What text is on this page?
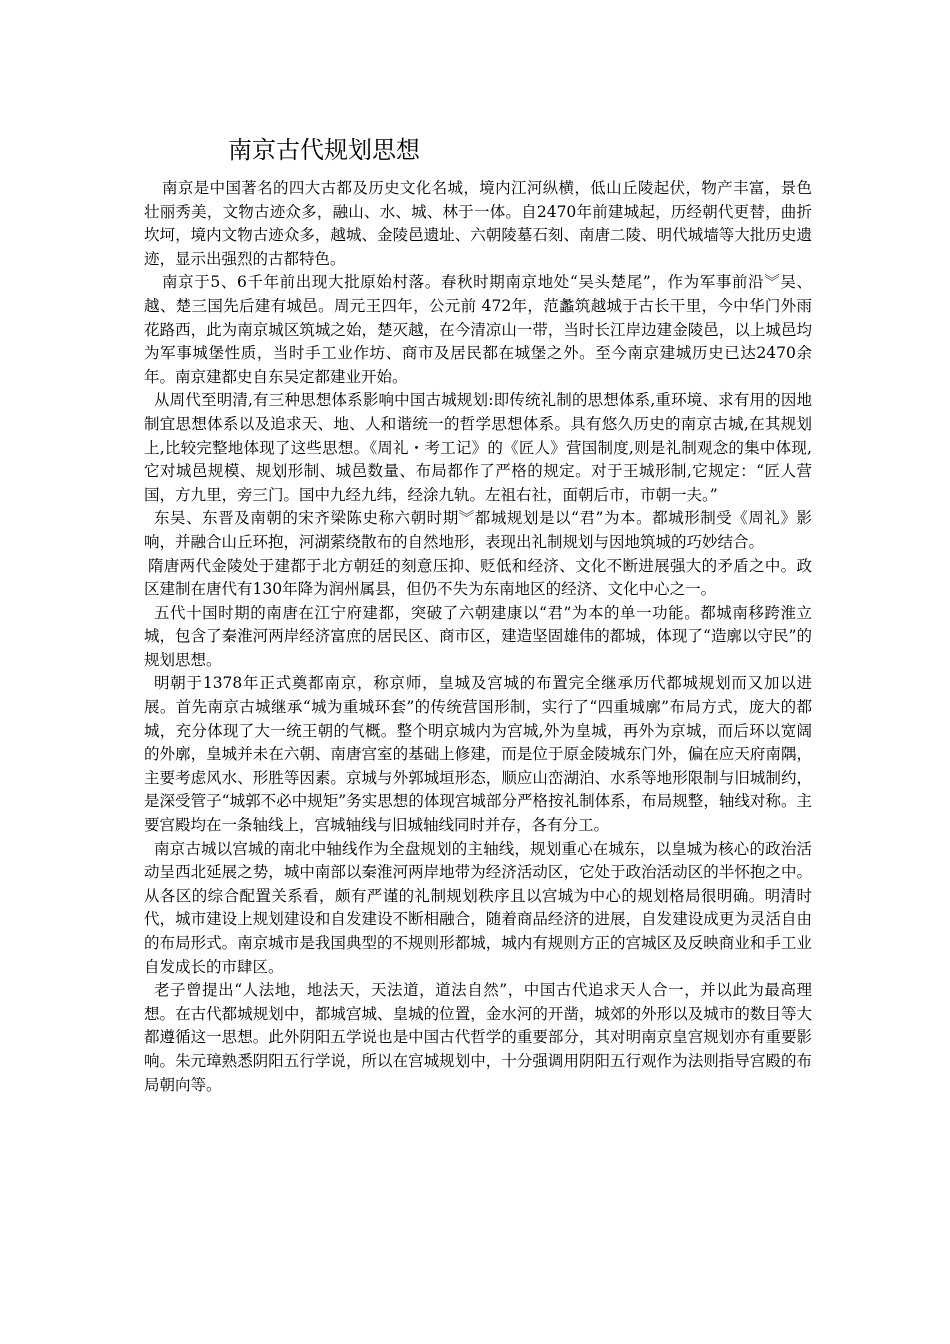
南京古代规划思想

南京是中国著名的四大古都及历史文化名城，境内江河纵横，低山丘陵起伏，物产丰富，景色壮丽秀美，文物古迹众多，融山、水、城、林于一体。自2470年前建城起，历经朝代更替，曲折坎坷，境内文物古迹众多，越城、金陵邑遗址、六朝陵墓石刻、南唐二陵、明代城墙等大批历史遗迹，显示出强烈的古都特色。

南京于5、6千年前出现大批原始村落。春秋时期南京地处“吴头楚尾”，作为军事前沿︾吴、越、楚三国先后建有城邑。周元王四年，公元前 472年，范蠡筑越城于古长干里，今中华门外雨花路西，此为南京城区筑城之始，楚灭越，在今清凉山一带，当时长江岸边建金陵邑，以上城邑均为军事城堡性质，当时手工业作坊、商市及居民都在城堡之外。至今南京建城历史已达2470余年。南京建都史自东吴定都建业开始。

从周代至明清,有三种思想体系影响中国古城规划:即传统礼制的思想体系,重环境、求有用的因地制宜思想体系以及追求天、地、人和谐统一的哲学思想体系。具有悠久历史的南京古城,在其规划上,比较完整地体现了这些思想。《周礼・考工记》的《匠人》营国制度,则是礼制观念的集中体现,它对城邑规模、规划形制、城邑数量、布局都作了严格的规定。对于王城形制,它规定：“匠人营国，方九里，旁三门。国中九经九纬，经涂九轨。左祖右社，面朝后市，市朝一夫。”

东吴、东晋及南朝的宋齐梁陈史称六朝时期︾都城规划是以“君”为本。都城形制受《周礼》影响，并融合山丘环抱，河湖萦绕散布的自然地形，表现出礼制规划与因地筑城的巧妙结合。

隋唐两代金陵处于建都于北方朝廷的刻意压抑、贬低和经济、文化不断进展强大的矛盾之中。政区建制在唐代有130年降为润州属县，但仍不失为东南地区的经济、文化中心之一。

五代十国时期的南唐在江宁府建都，突破了六朝建康以“君”为本的单一功能。都城南移跨淮立城，包含了秦淮河两岸经济富庶的居民区、商市区，建造坚固雄伟的都城，体现了“造廓以守民”的规划思想。

明朝于1378年正式奠都南京，称京师，皇城及宫城的布置完全继承历代都城规划而又加以进展。首先南京古城继承“城为重城环套”的传统营国形制，实行了“四重城廓”布局方式，庞大的都城，充分体现了大一统王朝的气概。整个明京城内为宫城,外为皇城，再外为京城，而后环以宽阔的外廓，皇城并未在六朝、南唐宫室的基础上修建，而是位于原金陵城东门外，偏在应天府南隅，主要考虑风水、形胜等因素。京城与外郭城垣形态，顺应山峦湖泊、水系等地形限制与旧城制约，是深受管子“城郭不必中规矩”务实思想的体现宫城部分严格按礼制体系，布局规整，轴线对称。主要宫殿均在一条轴线上，宫城轴线与旧城轴线同时并存，各有分工。

南京古城以宫城的南北中轴线作为全盘规划的主轴线，规划重心在城东，以皇城为核心的政治活动呈西北延展之势，城中南部以秦淮河两岸地带为经济活动区，它处于政治活动区的半怀抱之中。从各区的综合配置关系看，颇有严谨的礼制规划秩序且以宫城为中心的规划格局很明确。明清时代，城市建设上规划建设和自发建设不断相融合，随着商品经济的进展，自发建设成更为灵活自由的布局形式。南京城市是我国典型的不规则形都城，城内有规则方正的宫城区及反映商业和手工业自发成长的市肆区。

老子曾提出“人法地，地法天，天法道，道法自然”，中国古代追求天人合一，并以此为最高理想。在古代都城规划中，都城宫城、皇城的位置，金水河的开凿，城郊的外形以及城市的数目等大都遵循这一思想。此外阴阳五学说也是中国古代哲学的重要部分，其对明南京皇宫规划亦有重要影响。朱元璋熟悉阴阳五行学说，所以在宫城规划中，十分强调用阴阳五行观作为法则指导宫殿的布局朝向等。
